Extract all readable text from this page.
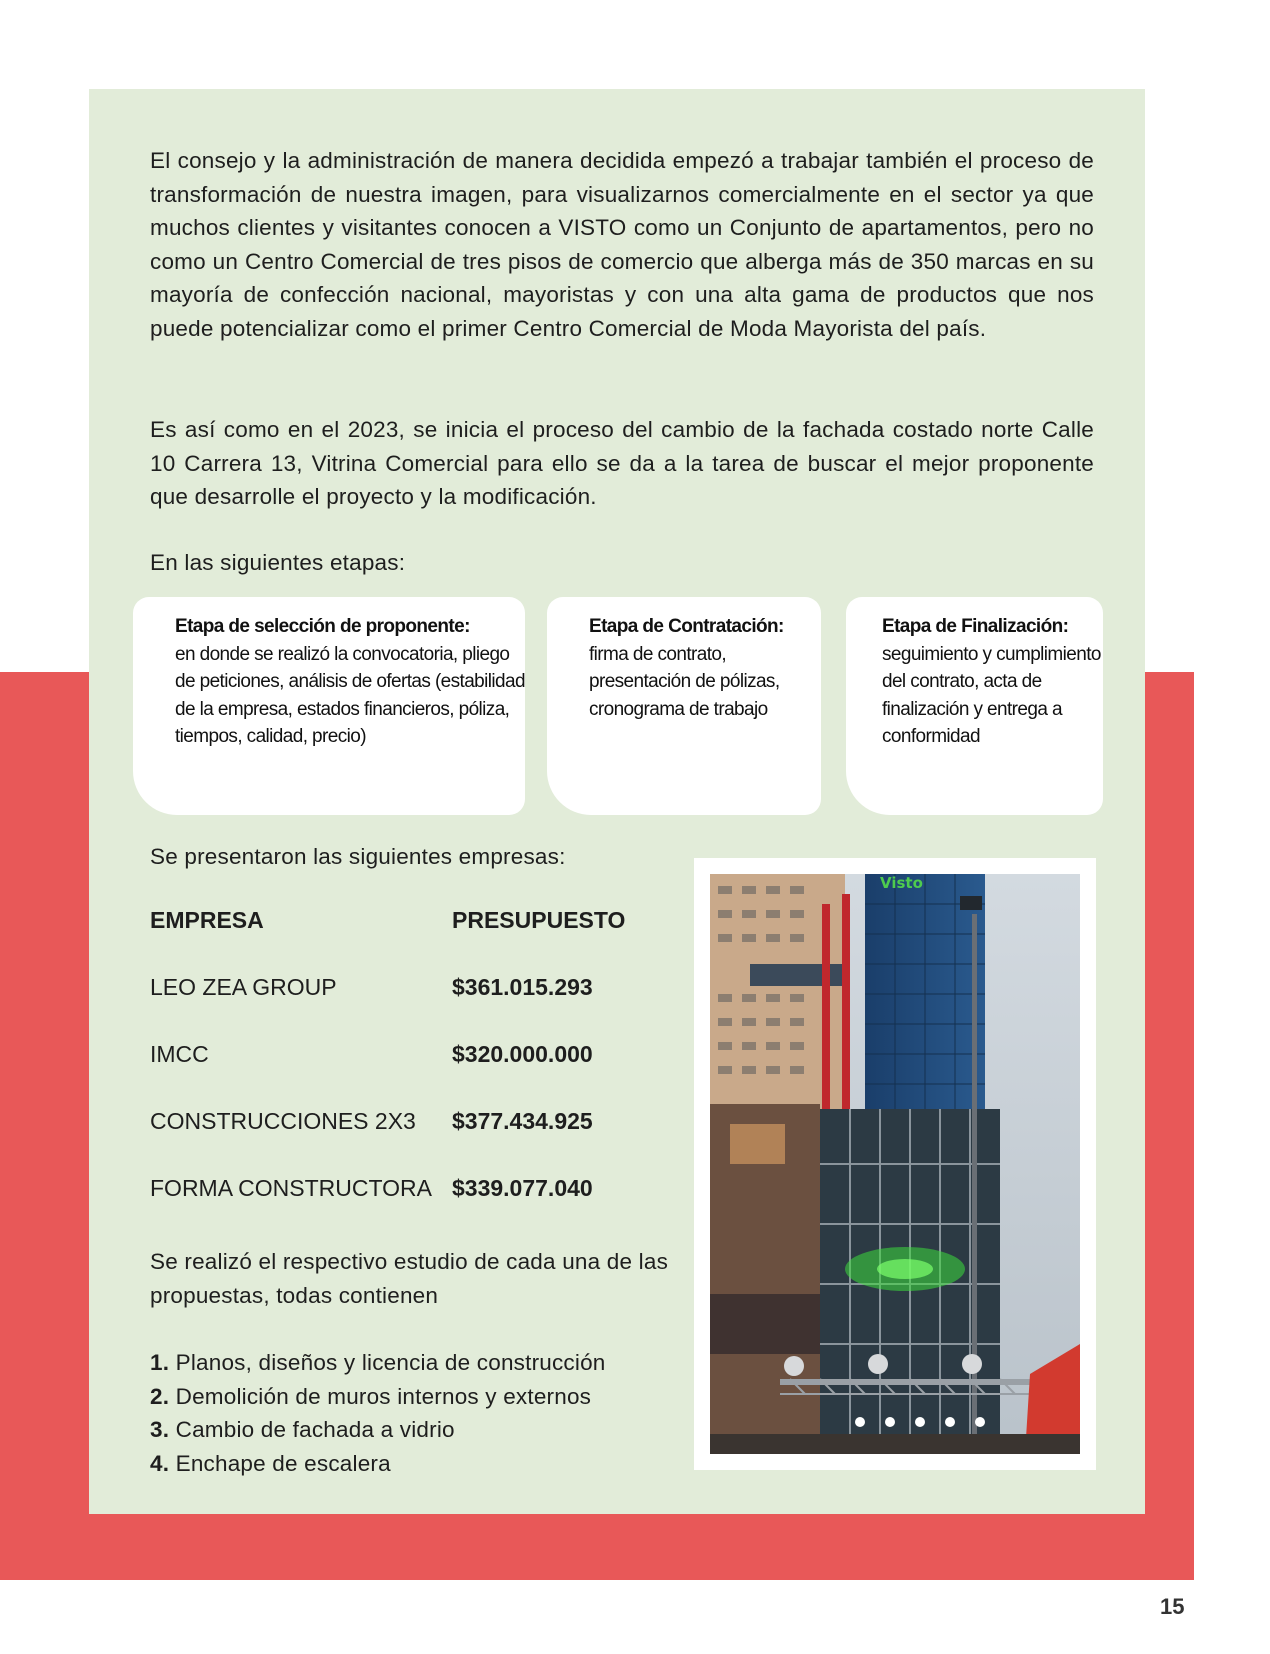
El consejo y la administración de manera decidida empezó a trabajar también el proceso de transformación de nuestra imagen, para visualizarnos comercialmente en el sector ya que muchos clientes y visitantes conocen a VISTO como un Conjunto de apartamentos, pero no como un Centro Comercial de tres pisos de comercio que alberga más de 350 marcas en su mayoría de confección nacional, mayoristas y con una alta gama de productos que nos puede potencializar como el primer Centro Comercial de Moda Mayorista del país.

Es así como en el 2023, se inicia el proceso del cambio de la fachada costado norte Calle 10 Carrera 13, Vitrina Comercial para ello se da a la tarea de buscar el mejor proponente que desarrolle el proyecto y la modificación.

En las siguientes etapas:

Etapa de selección de proponente:
en donde se realizó la convocatoria, pliego de peticiones, análisis de ofertas (estabilidad de la empresa, estados financieros, póliza, tiempos, calidad, precio)
Etapa de Contratación:
firma de contrato, presentación de pólizas, cronograma de trabajo
Etapa de Finalización:
seguimiento y cumplimiento del contrato, acta de finalización y entrega a conformidad

Se presentaron las siguientes empresas:

EMPRESA	PRESUPUESTO
LEO ZEA GROUP	$361.015.293
IMCC	$320.000.000
CONSTRUCCIONES 2X3 $377.434.925
FORMA CONSTRUCTORA $339.077.040

Se realizó el respectivo estudio de cada una de las propuestas, todas contienen

1. Planos, diseños y licencia de construcción
2. Demolición de muros internos y externos
3. Cambio de fachada a vidrio
4. Enchape de escalera
Visto
15
